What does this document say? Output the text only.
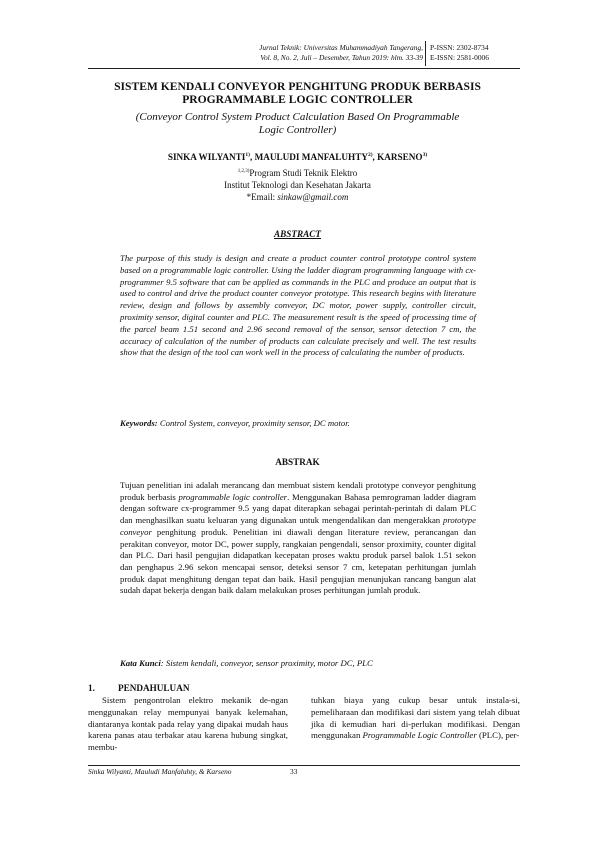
Jurnal Teknik: Universitas Muhammadiyah Tangerang,
Vol. 8, No. 2, Juli – Desember, Tahun 2019: hlm. 33-39
P-ISSN: 2302-8734
E-ISSN: 2581-0006
SISTEM KENDALI CONVEYOR PENGHITUNG PRODUK BERBASIS
PROGRAMMABLE LOGIC CONTROLLER
(Conveyor Control System Product Calculation Based On Programmable
Logic Controller)
SINKA WILYANTI$^{1)}$, MAULUDI MANFALUHTY$^{2)}$, KARSENO$^{3)}$
$^{1,2,3)}$Program Studi Teknik Elektro
Institut Teknologi dan Kesehatan Jakarta
*Email: sinkaw@gmail.com
ABSTRACT
The purpose of this study is design and create a product counter control prototype control system based on a programmable logic controller. Using the ladder diagram programming language with cx-programmer 9.5 software that can be applied as commands in the PLC and produce an output that is used to control and drive the product counter conveyor prototype. This research begins with literature review, design and follows by assembly conveyor, DC motor, power supply, controller circuit, proximity sensor, digital counter and PLC. The measurement result is the speed of processing time of the parcel beam 1.51 second and 2.96 second removal of the sensor, sensor detection 7 cm, the accuracy of calculation of the number of products can calculate precisely and well. The test results show that the design of the tool can work well in the process of calculating the number of products.
Keywords: Control System, conveyor, proximity sensor, DC motor.
ABSTRAK
Tujuan penelitian ini adalah merancang dan membuat sistem kendali prototype conveyor penghitung produk berbasis programmable logic controller. Menggunakan Bahasa pemrograman ladder diagram dengan software cx-programmer 9.5 yang dapat diterapkan sebagai perintah-perintah di dalam PLC dan menghasilkan suatu keluaran yang digunakan untuk mengendalikan dan mengerakkan prototype conveyor penghitung produk. Penelitian ini diawali dengan literature review, perancangan dan perakitan conveyor, motor DC, power supply, rangkaian pengendali, sensor proximity, counter digital dan PLC. Dari hasil pengujian didapatkan kecepatan proses waktu produk parsel balok 1.51 sekon dan penghapus 2.96 sekon mencapai sensor, deteksi sensor 7 cm, ketepatan perhitungan jumlah produk dapat menghitung dengan tepat dan baik. Hasil pengujian menunjukan rancang bangun alat sudah dapat bekerja dengan baik dalam melakukan proses perhitungan jumlah produk.
Kata Kunci: Sistem kendali, conveyor, sensor proximity, motor DC, PLC
1.	PENDAHULUAN
Sistem pengontrolan elektro mekanik de-ngan menggunakan relay mempunyai banyak kelemahan, diantaranya kontak pada relay yang dipakai mudah haus karena panas atau terbakar atau karena hubung singkat, membu-
tuhkan biaya yang cukup besar untuk instala-si, pemeliharaan dan modifikasi dari sistem yang telah dibuat jika di kemudian hari di-perlukan modifikasi. Dengan menggunakan Programmable Logic Controller (PLC), per-
Sinka Wilyanti, Mauludi Manfaluhty, & Karseno	33
